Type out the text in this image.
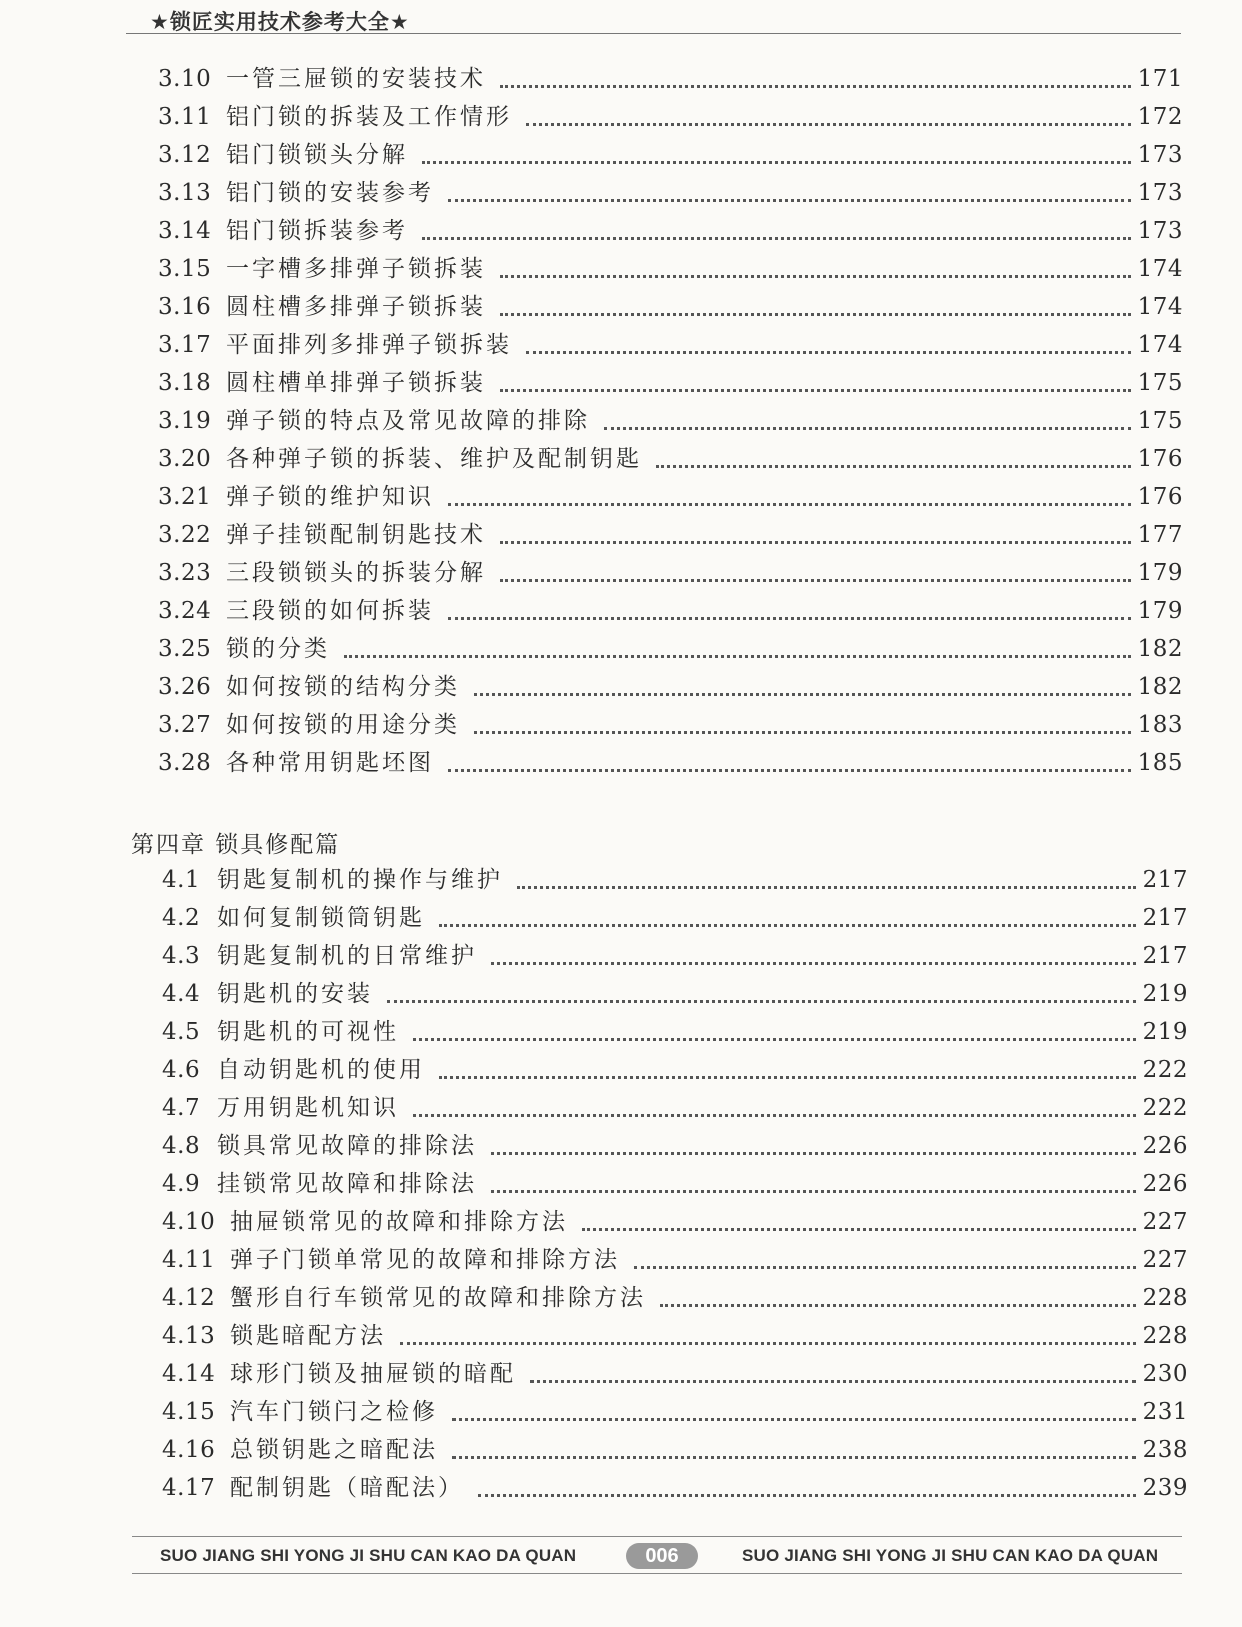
★锁匠实用技术参考大全★
3.10 一管三屉锁的安装技术	171
3.11 铝门锁的拆装及工作情形	172
3.12 铝门锁锁头分解	173
3.13 铝门锁的安装参考	173
3.14 铝门锁拆装参考	173
3.15 一字槽多排弹子锁拆装	174
3.16 圆柱槽多排弹子锁拆装	174
3.17 平面排列多排弹子锁拆装	174
3.18 圆柱槽单排弹子锁拆装	175
3.19 弹子锁的特点及常见故障的排除	175
3.20 各种弹子锁的拆装、维护及配制钥匙	176
3.21 弹子锁的维护知识	176
3.22 弹子挂锁配制钥匙技术	177
3.23 三段锁锁头的拆装分解	179
3.24 三段锁的如何拆装	179
3.25 锁的分类	182
3.26 如何按锁的结构分类	182
3.27 如何按锁的用途分类	183
3.28 各种常用钥匙坯图	185
第四章 锁具修配篇
4.1 钥匙复制机的操作与维护	217
4.2 如何复制锁筒钥匙	217
4.3 钥匙复制机的日常维护	217
4.4 钥匙机的安装	219
4.5 钥匙机的可视性	219
4.6 自动钥匙机的使用	222
4.7 万用钥匙机知识	222
4.8 锁具常见故障的排除法	226
4.9 挂锁常见故障和排除法	226
4.10 抽屉锁常见的故障和排除方法	227
4.11 弹子门锁单常见的故障和排除方法	227
4.12 蟹形自行车锁常见的故障和排除方法	228
4.13 锁匙暗配方法	228
4.14 球形门锁及抽屉锁的暗配	230
4.15 汽车门锁闩之检修	231
4.16 总锁钥匙之暗配法	238
4.17 配制钥匙（暗配法）	239
SUO JIANG SHI YONG JI SHU CAN KAO DA QUAN	006	SUO JIANG SHI YONG JI SHU CAN KAO DA QUAN
